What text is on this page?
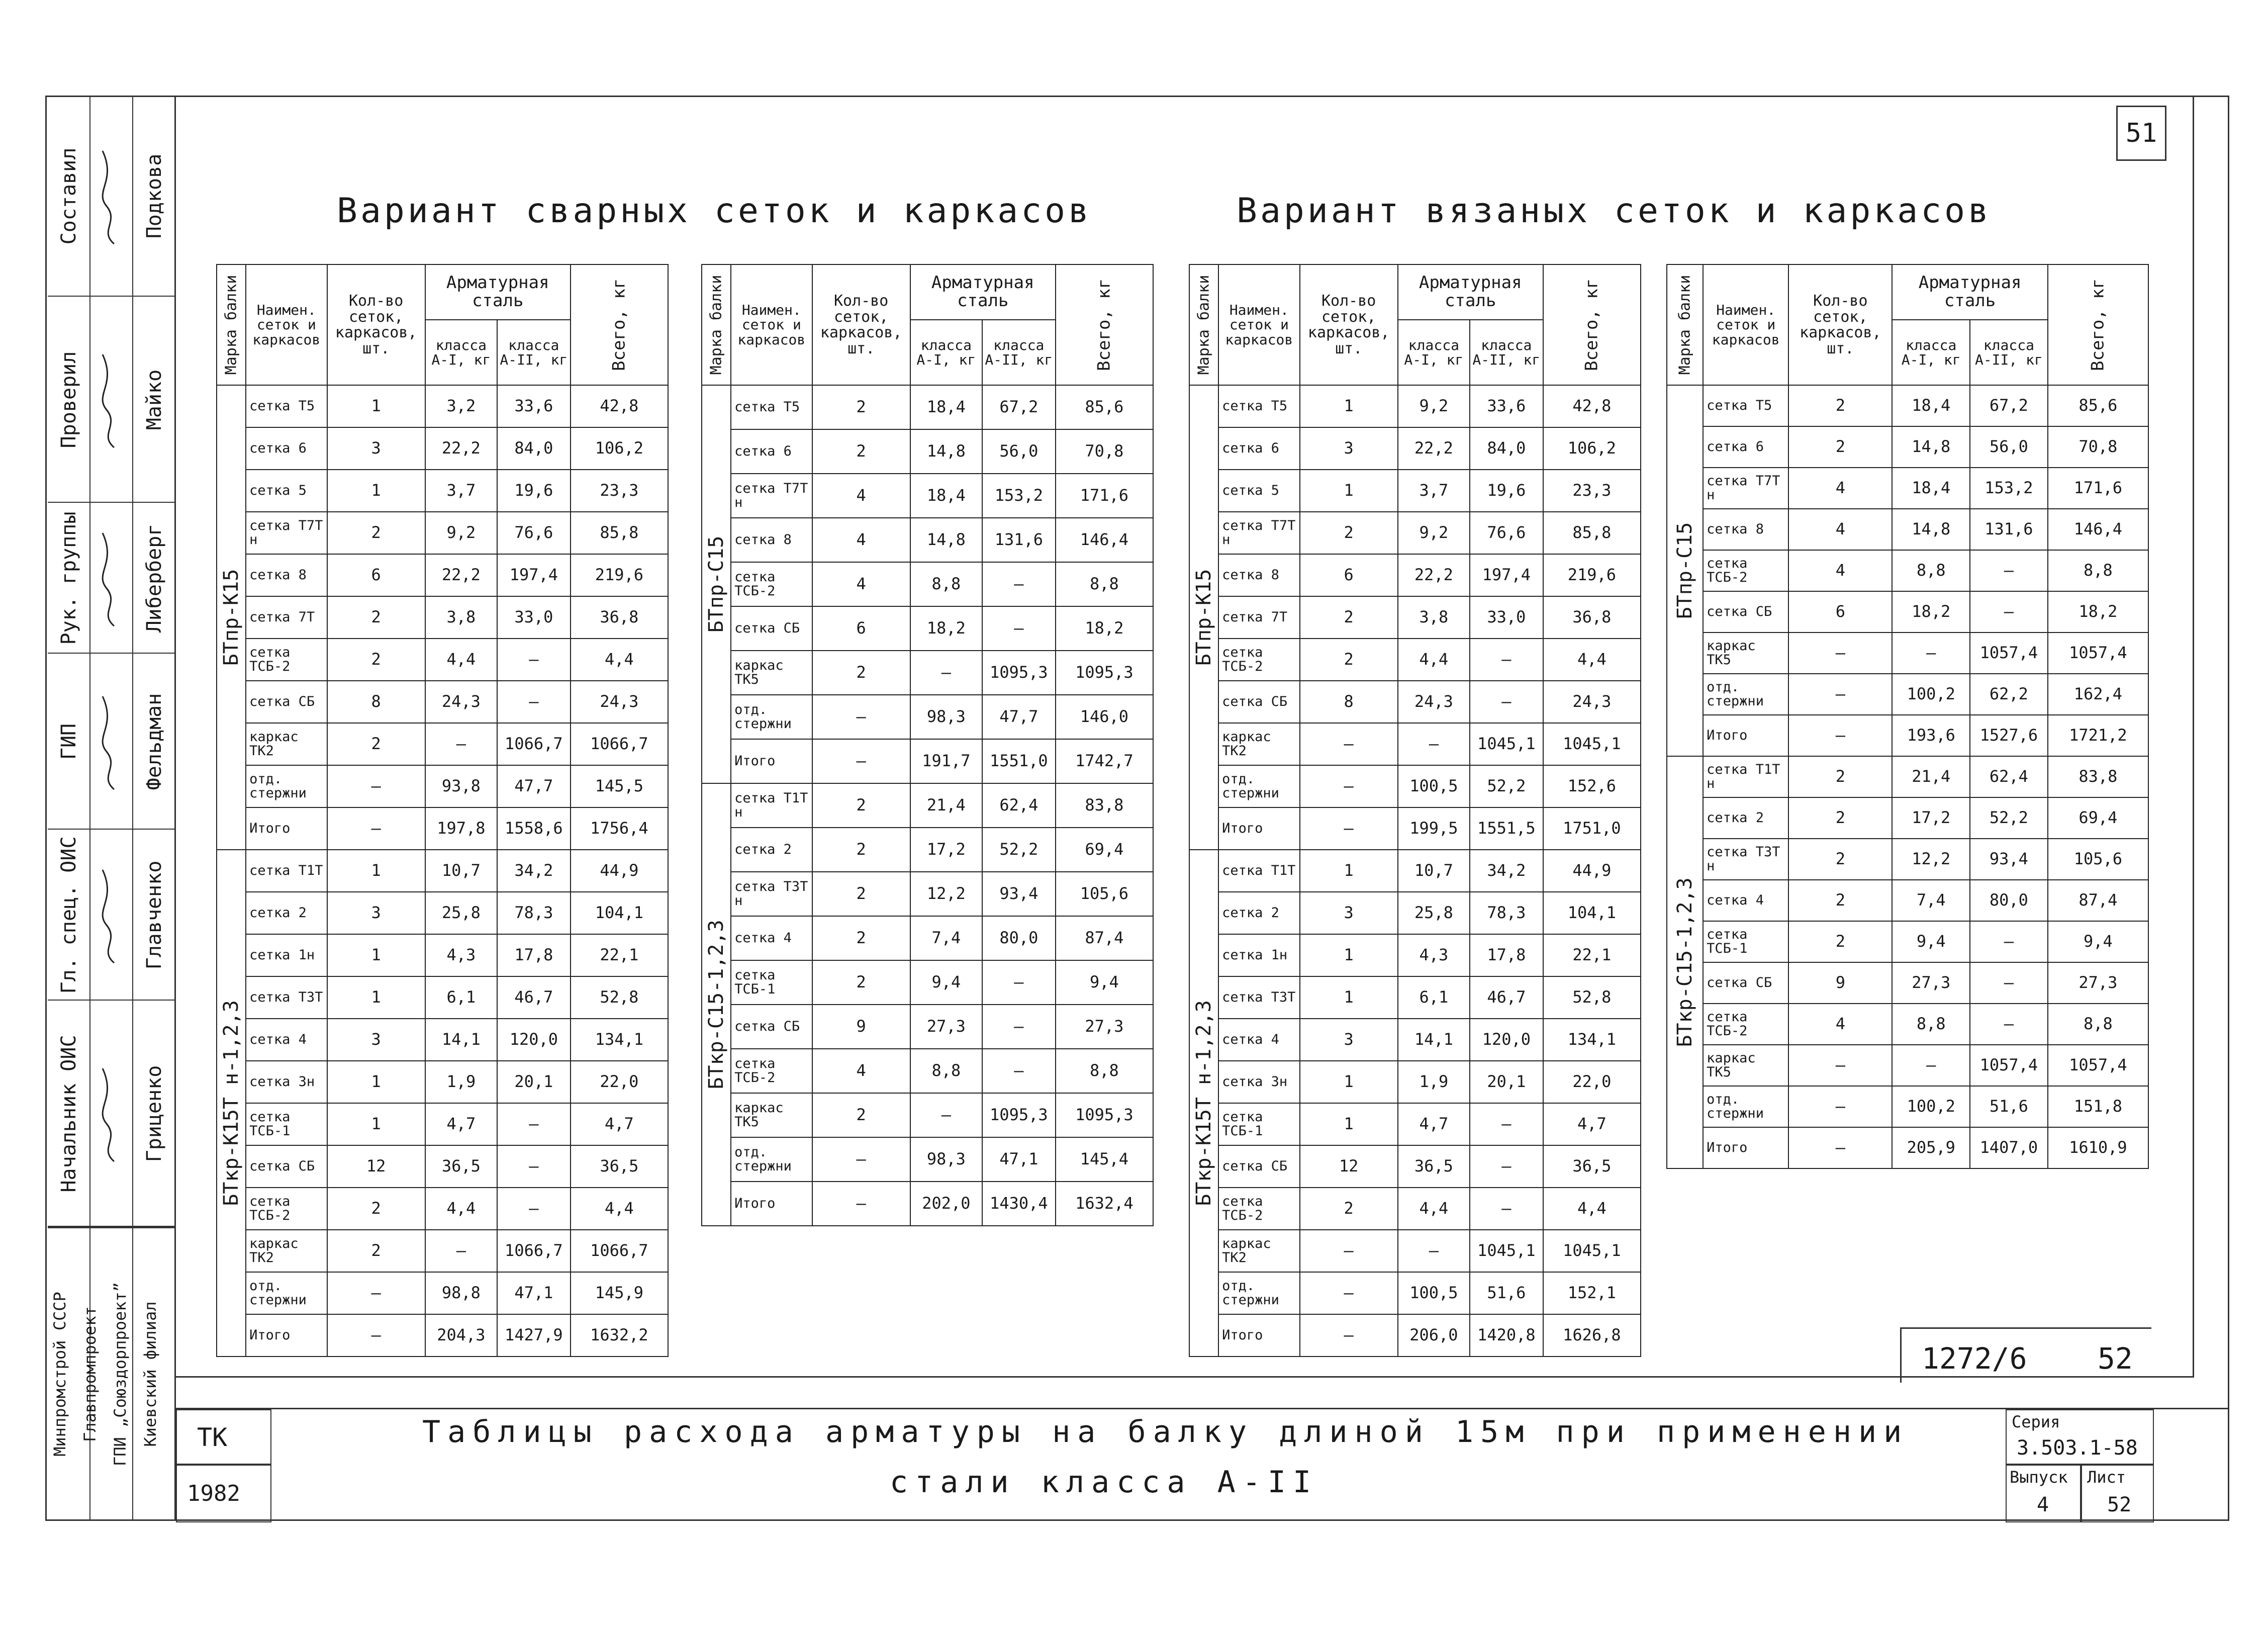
51
Начальник ОИС	Гриценко
Гл. спец. ОИС	Главченко
ГИП	Фельдман
Рук. группы	Либерберг
Проверил	Майко
Составил	Подкова
Минпромстрой СССР Главпромпроект ГПИ „Союздорпроект” Киевский филиал
Вариант сварных сеток и каркасов	Вариант вязаных сеток и каркасов
Марка балки	Наимен. сеток и каркасов	Кол-во сеток, каркасов, шт.	Арматурная сталь		Всего, кг
			класса А-I, кг	класса А-II, кг	

БТпр-К15	сетка Т5	1	3,2	33,6	42,8
	сетка 6	3	22,2	84,0	106,2
	сетка 5	1	3,7	19,6	23,3
	сетка Т7Т н	2	9,2	76,6	85,8
	сетка 8	6	22,2	197,4	219,6
	сетка 7Т	2	3,8	33,0	36,8
	сетка ТСБ-2	2	4,4	—	4,4
	сетка СБ	8	24,3	—	24,3
	каркас ТК2	2	—	1066,7	1066,7
	отд. стержни	—	93,8	47,7	145,5
	Итого	—	197,8	1558,6	1756,4

БТкр-К15Т н-1,2,3	сетка Т1Т	1	10,7	34,2	44,9
	сетка 2	3	25,8	78,3	104,1
	сетка 1н	1	4,3	17,8	22,1
	сетка Т3Т	1	6,1	46,7	52,8
	сетка 4	3	14,1	120,0	134,1
	сетка 3н	1	1,9	20,1	22,0
	сетка ТСБ-1	1	4,7	—	4,7
	сетка СБ	12	36,5	—	36,5
	сетка ТСБ-2	2	4,4	—	4,4
	каркас ТК2	2	—	1066,7	1066,7
	отд. стержни	—	98,8	47,1	145,9
	Итого	—	204,3	1427,9	1632,2
Марка балки	Наимен. сеток и каркасов	Кол-во сеток, каркасов, шт.	Арматурная сталь		Всего, кг
			класса А-I, кг	класса А-II, кг	

БТпр-С15	сетка Т5	2	18,4	67,2	85,6
	сетка 6	2	14,8	56,0	70,8
	сетка Т7Т н	4	18,4	153,2	171,6
	сетка 8	4	14,8	131,6	146,4
	сетка ТСБ-2	4	8,8	—	8,8
	сетка СБ	6	18,2	—	18,2
	каркас ТК5	2	—	1095,3	1095,3
	отд. стержни	—	98,3	47,7	146,0
	Итого	—	191,7	1551,0	1742,7

БТкр-С15-1,2,3	сетка Т1Т н	2	21,4	62,4	83,8
	сетка 2	2	17,2	52,2	69,4
	сетка Т3Т н	2	12,2	93,4	105,6
	сетка 4	2	7,4	80,0	87,4
	сетка ТСБ-1	2	9,4	—	9,4
	сетка СБ	9	27,3	—	27,3
	сетка ТСБ-2	4	8,8	—	8,8
	каркас ТК5	2	—	1095,3	1095,3
	отд. стержни	—	98,3	47,1	145,4
	Итого	—	202,0	1430,4	1632,4
Марка балки	Наимен. сеток и каркасов	Кол-во сеток, каркасов, шт.	Арматурная сталь		Всего, кг
			класса А-I, кг	класса А-II, кг	

БТпр-К15	сетка Т5	1	9,2	33,6	42,8
	сетка 6	3	22,2	84,0	106,2
	сетка 5	1	3,7	19,6	23,3
	сетка Т7Т н	2	9,2	76,6	85,8
	сетка 8	6	22,2	197,4	219,6
	сетка 7Т	2	3,8	33,0	36,8
	сетка ТСБ-2	2	4,4	—	4,4
	сетка СБ	8	24,3	—	24,3
	каркас ТК2	—	—	1045,1	1045,1
	отд. стержни	—	100,5	52,2	152,6
	Итого	—	199,5	1551,5	1751,0

БТкр-К15Т н-1,2,3	сетка Т1Т	1	10,7	34,2	44,9
	сетка 2	3	25,8	78,3	104,1
	сетка 1н	1	4,3	17,8	22,1
	сетка Т3Т	1	6,1	46,7	52,8
	сетка 4	3	14,1	120,0	134,1
	сетка 3н	1	1,9	20,1	22,0
	сетка ТСБ-1	1	4,7	—	4,7
	сетка СБ	12	36,5	—	36,5
	сетка ТСБ-2	2	4,4	—	4,4
	каркас ТК2	—	—	1045,1	1045,1
	отд. стержни	—	100,5	51,6	152,1
	Итого	—	206,0	1420,8	1626,8
Марка балки	Наимен. сеток и каркасов	Кол-во сеток, каркасов, шт.	Арматурная сталь		Всего, кг
			класса А-I, кг	класса А-II, кг	

БТпр-С15	сетка Т5	2	18,4	67,2	85,6
	сетка 6	2	14,8	56,0	70,8
	сетка Т7Т н	4	18,4	153,2	171,6
	сетка 8	4	14,8	131,6	146,4
	сетка ТСБ-2	4	8,8	—	8,8
	сетка СБ	6	18,2	—	18,2
	каркас ТК5	—	—	1057,4	1057,4
	отд. стержни	—	100,2	62,2	162,4
	Итого	—	193,6	1527,6	1721,2

БТкр-С15-1,2,3	сетка Т1Т н	2	21,4	62,4	83,8
	сетка 2	2	17,2	52,2	69,4
	сетка Т3Т н	2	12,2	93,4	105,6
	сетка 4	2	7,4	80,0	87,4
	сетка ТСБ-1	2	9,4	—	9,4
	сетка СБ	9	27,3	—	27,3
	сетка ТСБ-2	4	8,8	—	8,8
	каркас ТК5	—	—	1057,4	1057,4
	отд. стержни	—	100,2	51,6	151,8
	Итого	—	205,9	1407,0	1610,9
1272/6 52
ТК
1982
Таблицы расхода арматуры на балку длиной 15м при применении
стали класса А-II
Серия
3.503.1-58
Выпуск
4
Лист
52
